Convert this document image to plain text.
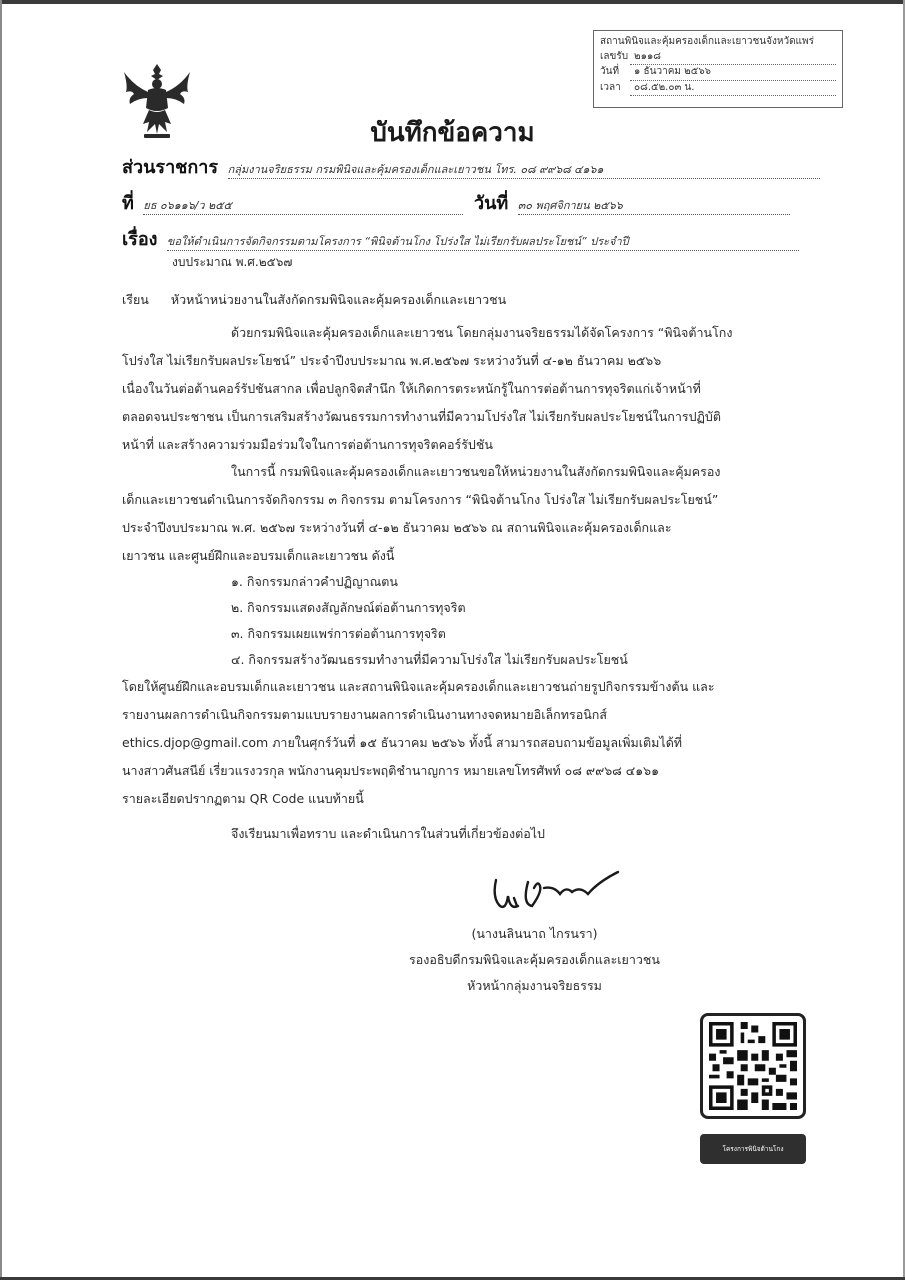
สถานพินิจและคุ้มครองเด็กและเยาวชนจังหวัดแพร่
เลขรับ ๒๑๑๘
วันที่	๑ ธันวาคม ๒๕๖๖
เวลา	๐๘.๕๒.๐๓ น.
บันทึกข้อความ
ส่วนราชการ กลุ่มงานจริยธรรม กรมพินิจและคุ้มครองเด็กและเยาวชน โทร. ๐๘ ๙๙๖๘ ๔๑๖๑
ที่ ยธ ๐๖๑๑๖/ว ๒๕๕	วันที่ ๓๐ พฤศจิกายน ๒๕๖๖
เรื่อง ขอให้ดำเนินการจัดกิจกรรมตามโครงการ “พินิจต้านโกง โปร่งใส ไม่เรียกรับผลประโยชน์” ประจำปี
งบประมาณ พ.ศ.๒๕๖๗
เรียน หัวหน้าหน่วยงานในสังกัดกรมพินิจและคุ้มครองเด็กและเยาวชน
ด้วยกรมพินิจและคุ้มครองเด็กและเยาวชน โดยกลุ่มงานจริยธรรมได้จัดโครงการ “พินิจต้านโกง
โปร่งใส ไม่เรียกรับผลประโยชน์” ประจำปีงบประมาณ พ.ศ.๒๕๖๗ ระหว่างวันที่ ๔-๑๒ ธันวาคม ๒๕๖๖
เนื่องในวันต่อต้านคอร์รัปชันสากล เพื่อปลูกจิตสำนึก ให้เกิดการตระหนักรู้ในการต่อต้านการทุจริตแก่เจ้าหน้าที่
ตลอดจนประชาชน เป็นการเสริมสร้างวัฒนธรรมการทำงานที่มีความโปร่งใส ไม่เรียกรับผลประโยชน์ในการปฏิบัติ
หน้าที่ และสร้างความร่วมมือร่วมใจในการต่อต้านการทุจริตคอร์รัปชัน
ในการนี้ กรมพินิจและคุ้มครองเด็กและเยาวชนขอให้หน่วยงานในสังกัดกรมพินิจและคุ้มครอง
เด็กและเยาวชนดำเนินการจัดกิจกรรม ๓ กิจกรรม ตามโครงการ “พินิจต้านโกง โปร่งใส ไม่เรียกรับผลประโยชน์”
ประจำปีงบประมาณ พ.ศ. ๒๕๖๗ ระหว่างวันที่ ๔-๑๒ ธันวาคม ๒๕๖๖ ณ สถานพินิจและคุ้มครองเด็กและ
เยาวชน และศูนย์ฝึกและอบรมเด็กและเยาวชน ดังนี้
๑. กิจกรรมกล่าวคำปฏิญาณตน
๒. กิจกรรมแสดงสัญลักษณ์ต่อต้านการทุจริต
๓. กิจกรรมเผยแพร่การต่อต้านการทุจริต
๔. กิจกรรมสร้างวัฒนธรรมทำงานที่มีความโปร่งใส ไม่เรียกรับผลประโยชน์
โดยให้ศูนย์ฝึกและอบรมเด็กและเยาวชน และสถานพินิจและคุ้มครองเด็กและเยาวชนถ่ายรูปกิจกรรมข้างต้น และ
รายงานผลการดำเนินกิจกรรมตามแบบรายงานผลการดำเนินงานทางจดหมายอิเล็กทรอนิกส์
ethics.djop@gmail.com ภายในศุกร์วันที่ ๑๕ ธันวาคม ๒๕๖๖ ทั้งนี้ สามารถสอบถามข้อมูลเพิ่มเติมได้ที่
นางสาวศันสนีย์ เรี่ยวแรงวรกุล พนักงานคุมประพฤติชำนาญการ หมายเลขโทรศัพท์ ๐๘ ๙๙๖๘ ๔๑๖๑
รายละเอียดปรากฏตาม QR Code แนบท้ายนี้
จึงเรียนมาเพื่อทราบ และดำเนินการในส่วนที่เกี่ยวข้องต่อไป
(นางนลินนาถ ไกรนรา)
รองอธิบดีกรมพินิจและคุ้มครองเด็กและเยาวชน
หัวหน้ากลุ่มงานจริยธรรม
โครงการพินิจต้านโกง
